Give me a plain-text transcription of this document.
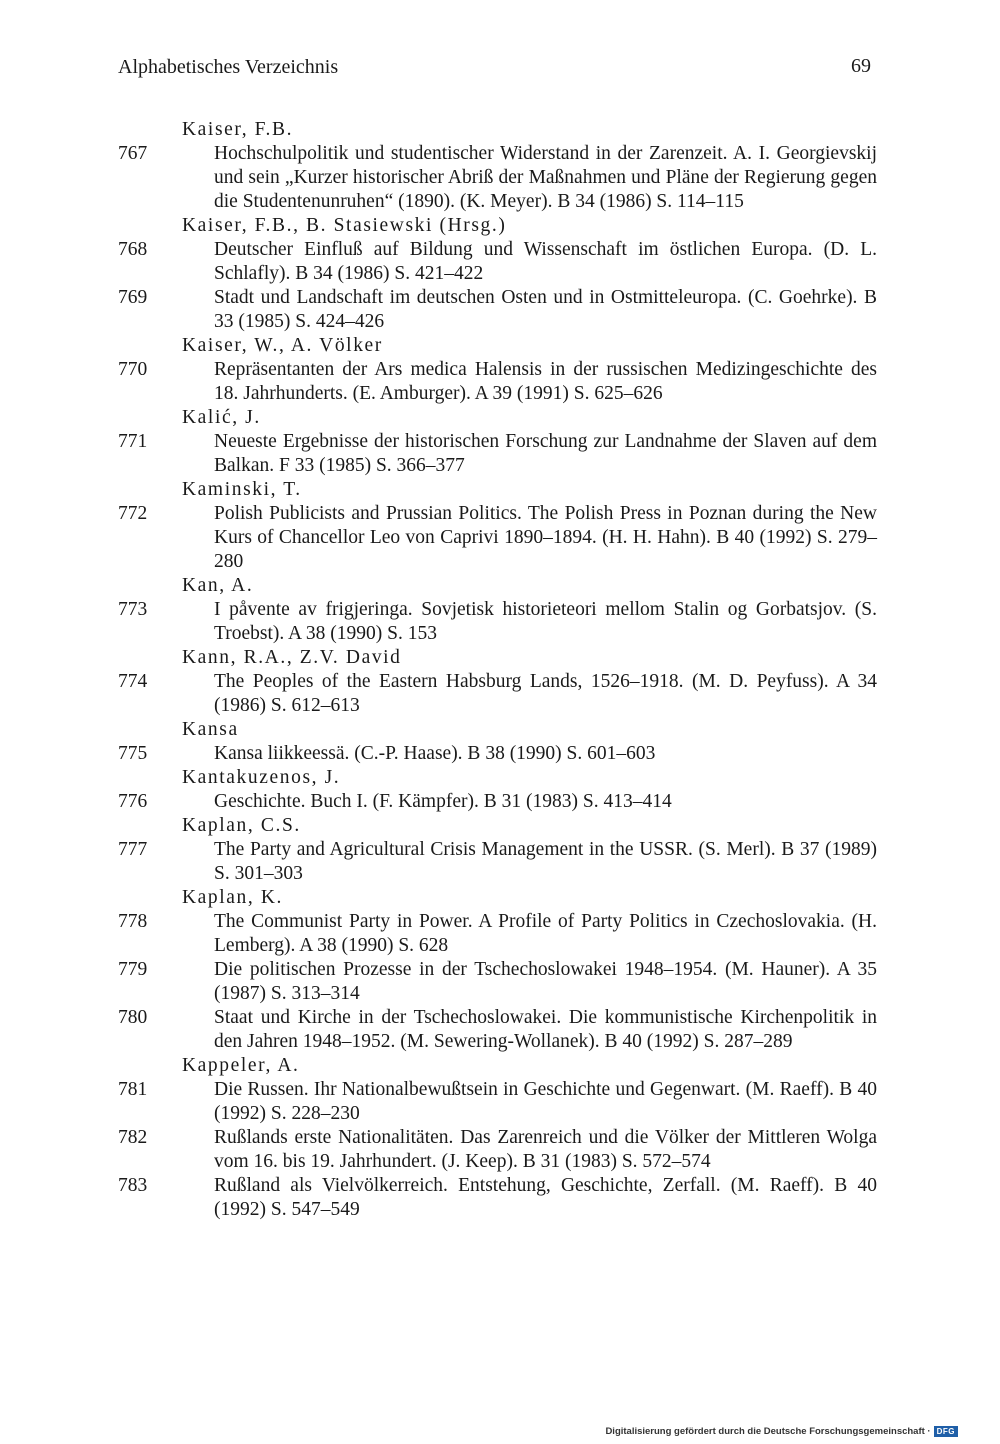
Alphabetisches Verzeichnis	69
Kaiser, F.B.
767	Hochschulpolitik und studentischer Widerstand in der Zarenzeit. A. I. Georgievskij und sein „Kurzer historischer Abriß der Maßnahmen und Pläne der Regierung gegen die Studentenunruhen“ (1890). (K. Meyer). B 34 (1986) S. 114–115
Kaiser, F.B., B. Stasiewski (Hrsg.)
768	Deutscher Einfluß auf Bildung und Wissenschaft im östlichen Europa. (D. L. Schlafly). B 34 (1986) S. 421–422
769	Stadt und Landschaft im deutschen Osten und in Ostmitteleuropa. (C. Goehrke). B 33 (1985) S. 424–426
Kaiser, W., A. Völker
770	Repräsentanten der Ars medica Halensis in der russischen Medizingeschichte des 18. Jahrhunderts. (E. Amburger). A 39 (1991) S. 625–626
Kalić, J.
771	Neueste Ergebnisse der historischen Forschung zur Landnahme der Slaven auf dem Balkan. F 33 (1985) S. 366–377
Kaminski, T.
772	Polish Publicists and Prussian Politics. The Polish Press in Poznan during the New Kurs of Chancellor Leo von Caprivi 1890–1894. (H. H. Hahn). B 40 (1992) S. 279–280
Kan, A.
773	I påvente av frigjeringa. Sovjetisk historieteori mellom Stalin og Gorbatsjov. (S. Troebst). A 38 (1990) S. 153
Kann, R.A., Z.V. David
774	The Peoples of the Eastern Habsburg Lands, 1526–1918. (M. D. Peyfuss). A 34 (1986) S. 612–613
Kansa
775	Kansa liikkeessä. (C.-P. Haase). B 38 (1990) S. 601–603
Kantakuzenos, J.
776	Geschichte. Buch I. (F. Kämpfer). B 31 (1983) S. 413–414
Kaplan, C.S.
777	The Party and Agricultural Crisis Management in the USSR. (S. Merl). B 37 (1989) S. 301–303
Kaplan, K.
778	The Communist Party in Power. A Profile of Party Politics in Czechoslovakia. (H. Lemberg). A 38 (1990) S. 628
779	Die politischen Prozesse in der Tschechoslowakei 1948–1954. (M. Hauner). A 35 (1987) S. 313–314
780	Staat und Kirche in der Tschechoslowakei. Die kommunistische Kirchenpolitik in den Jahren 1948–1952. (M. Sewering-Wollanek). B 40 (1992) S. 287–289
Kappeler, A.
781	Die Russen. Ihr Nationalbewußtsein in Geschichte und Gegenwart. (M. Raeff). B 40 (1992) S. 228–230
782	Rußlands erste Nationalitäten. Das Zarenreich und die Völker der Mittleren Wolga vom 16. bis 19. Jahrhundert. (J. Keep). B 31 (1983) S. 572–574
783	Rußland als Vielvölkerreich. Entstehung, Geschichte, Zerfall. (M. Raeff). B 40 (1992) S. 547–549
Digitalisierung gefördert durch die Deutsche Forschungsgemeinschaft · DFG
